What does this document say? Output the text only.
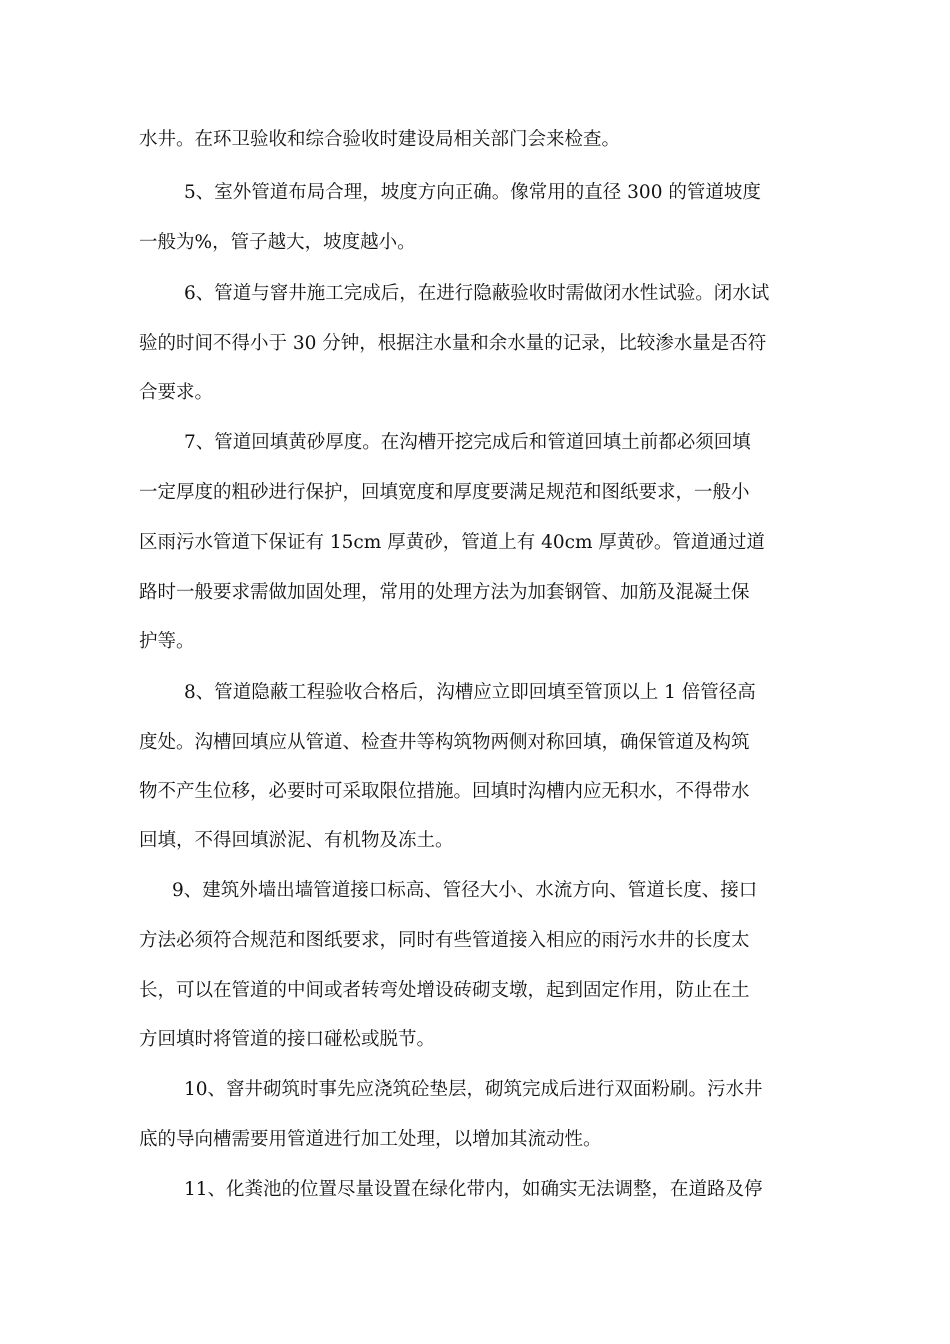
水井。在环卫验收和综合验收时建设局相关部门会来检查。
5、室外管道布局合理，坡度方向正确。像常用的直径 300 的管道坡度
一般为%，管子越大，坡度越小。
6、管道与窨井施工完成后，在进行隐蔽验收时需做闭水性试验。闭水试
验的时间不得小于 30 分钟，根据注水量和余水量的记录，比较渗水量是否符
合要求。
7、管道回填黄砂厚度。在沟槽开挖完成后和管道回填土前都必须回填
一定厚度的粗砂进行保护，回填宽度和厚度要满足规范和图纸要求，一般小
区雨污水管道下保证有 15cm 厚黄砂，管道上有 40cm 厚黄砂。管道通过道
路时一般要求需做加固处理，常用的处理方法为加套钢管、加筋及混凝土保
护等。
8、管道隐蔽工程验收合格后，沟槽应立即回填至管顶以上 1 倍管径高
度处。沟槽回填应从管道、检查井等构筑物两侧对称回填，确保管道及构筑
物不产生位移，必要时可采取限位措施。回填时沟槽内应无积水，不得带水
回填，不得回填淤泥、有机物及冻土。
9、建筑外墙出墙管道接口标高、管径大小、水流方向、管道长度、接口
方法必须符合规范和图纸要求，同时有些管道接入相应的雨污水井的长度太
长，可以在管道的中间或者转弯处增设砖砌支墩，起到固定作用，防止在土
方回填时将管道的接口碰松或脱节。
10、窨井砌筑时事先应浇筑砼垫层，砌筑完成后进行双面粉刷。污水井
底的导向槽需要用管道进行加工处理，以增加其流动性。
11、化粪池的位置尽量设置在绿化带内，如确实无法调整，在道路及停
